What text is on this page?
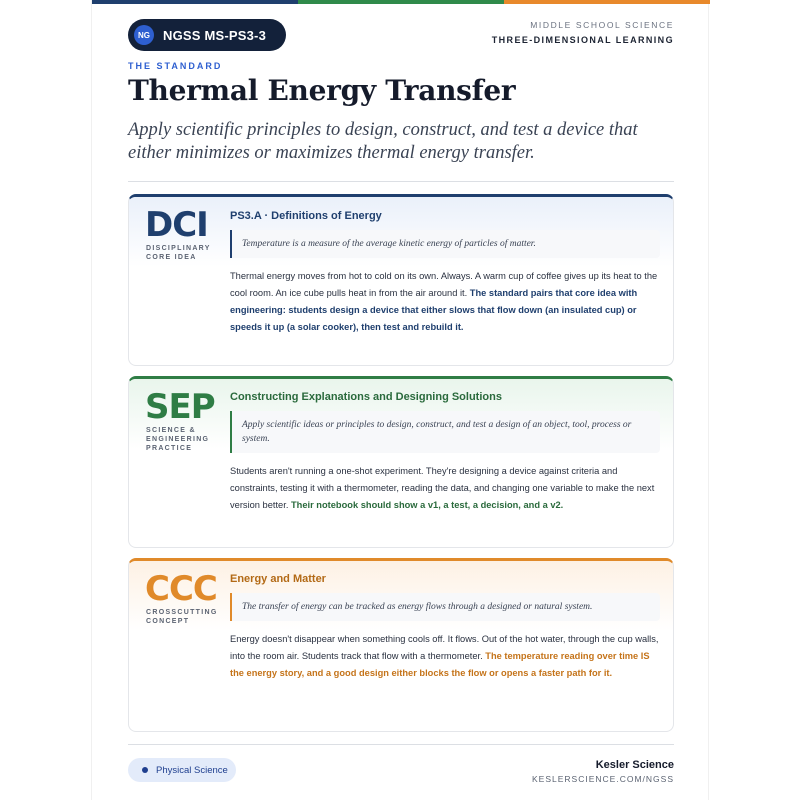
NG	NGSS MS-PS3-3
MIDDLE SCHOOL SCIENCE
THREE-DIMENSIONAL LEARNING
THE STANDARD
Thermal Energy Transfer

Apply scientific principles to design, construct, and test a device that either minimizes or maximizes thermal energy transfer.

DCI
DISCIPLINARY CORE IDEA
PS3.A · Definitions of Energy
Temperature is a measure of the average kinetic energy of particles of matter.
Thermal energy moves from hot to cold on its own. Always. A warm cup of coffee gives up its heat to the cool room. An ice cube pulls heat in from the air around it. The standard pairs that core idea with engineering: students design a device that either slows that flow down (an insulated cup) or speeds it up (a solar cooker), then test and rebuild it.
SEP
SCIENCE & ENGINEERING PRACTICE
Constructing Explanations and Designing Solutions
Apply scientific ideas or principles to design, construct, and test a design of an object, tool, process or system.
Students aren't running a one-shot experiment. They're designing a device against criteria and constraints, testing it with a thermometer, reading the data, and changing one variable to make the next version better. Their notebook should show a v1, a test, a decision, and a v2.
CCC
CROSSCUTTING CONCEPT
Energy and Matter
The transfer of energy can be tracked as energy flows through a designed or natural system.
Energy doesn't disappear when something cools off. It flows. Out of the hot water, through the cup walls, into the room air. Students track that flow with a thermometer. The temperature reading over time IS the energy story, and a good design either blocks the flow or opens a faster path for it.
Physical Science	Kesler Science
KESLERSCIENCE.COM/NGSS
